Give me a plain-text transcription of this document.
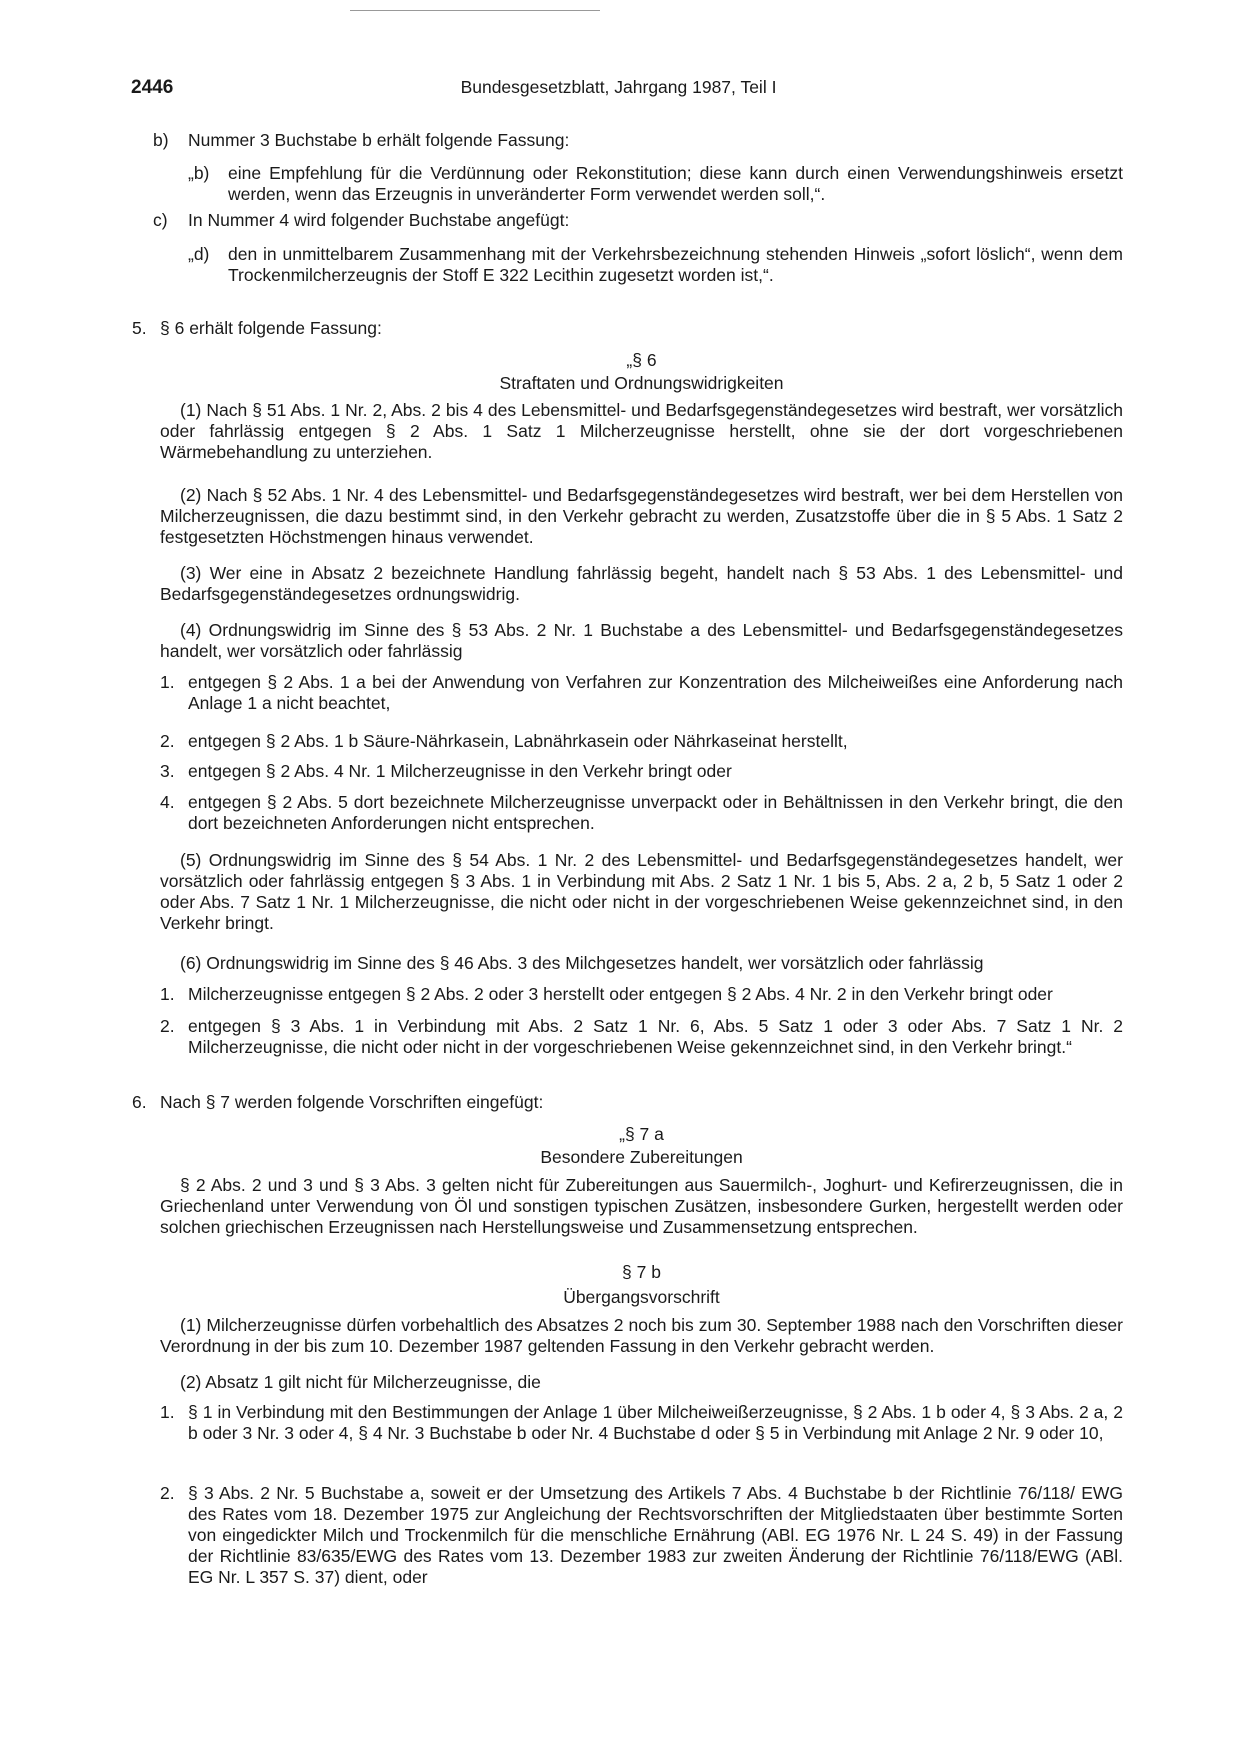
2446	Bundesgesetzblatt, Jahrgang 1987, Teil I
b) Nummer 3 Buchstabe b erhält folgende Fassung:

„b) eine Empfehlung für die Verdünnung oder Rekonstitution; diese kann durch einen Verwendungshinweis ersetzt werden, wenn das Erzeugnis in unveränderter Form verwendet werden soll,“.

c) In Nummer 4 wird folgender Buchstabe angefügt:

„d) den in unmittelbarem Zusammenhang mit der Verkehrsbezeichnung stehenden Hinweis „sofort löslich“, wenn dem Trockenmilcherzeugnis der Stoff E 322 Lecithin zugesetzt worden ist,“.

5. § 6 erhält folgende Fassung:

„§ 6

Straftaten und Ordnungswidrigkeiten

(1) Nach § 51 Abs. 1 Nr. 2, Abs. 2 bis 4 des Lebensmittel- und Bedarfsgegenständegesetzes wird bestraft, wer vorsätzlich oder fahrlässig entgegen § 2 Abs. 1 Satz 1 Milcherzeugnisse herstellt, ohne sie der dort vorgeschriebenen Wärmebehandlung zu unterziehen.

(2) Nach § 52 Abs. 1 Nr. 4 des Lebensmittel- und Bedarfsgegenständegesetzes wird bestraft, wer bei dem Herstellen von Milcherzeugnissen, die dazu bestimmt sind, in den Verkehr gebracht zu werden, Zusatzstoffe über die in § 5 Abs. 1 Satz 2 festgesetzten Höchstmengen hinaus verwendet.

(3) Wer eine in Absatz 2 bezeichnete Handlung fahrlässig begeht, handelt nach § 53 Abs. 1 des Lebensmittel- und Bedarfsgegenständegesetzes ordnungswidrig.

(4) Ordnungswidrig im Sinne des § 53 Abs. 2 Nr. 1 Buchstabe a des Lebensmittel- und Bedarfsgegenständegesetzes handelt, wer vorsätzlich oder fahrlässig

1. entgegen § 2 Abs. 1 a bei der Anwendung von Verfahren zur Konzentration des Milcheiweißes eine Anforderung nach Anlage 1 a nicht beachtet,

2. entgegen § 2 Abs. 1 b Säure-Nährkasein, Labnährkasein oder Nährkaseinat herstellt,

3. entgegen § 2 Abs. 4 Nr. 1 Milcherzeugnisse in den Verkehr bringt oder

4. entgegen § 2 Abs. 5 dort bezeichnete Milcherzeugnisse unverpackt oder in Behältnissen in den Verkehr bringt, die den dort bezeichneten Anforderungen nicht entsprechen.

(5) Ordnungswidrig im Sinne des § 54 Abs. 1 Nr. 2 des Lebensmittel- und Bedarfsgegenständegesetzes handelt, wer vorsätzlich oder fahrlässig entgegen § 3 Abs. 1 in Verbindung mit Abs. 2 Satz 1 Nr. 1 bis 5, Abs. 2 a, 2 b, 5 Satz 1 oder 2 oder Abs. 7 Satz 1 Nr. 1 Milcherzeugnisse, die nicht oder nicht in der vorgeschriebenen Weise gekennzeichnet sind, in den Verkehr bringt.

(6) Ordnungswidrig im Sinne des § 46 Abs. 3 des Milchgesetzes handelt, wer vorsätzlich oder fahrlässig

1. Milcherzeugnisse entgegen § 2 Abs. 2 oder 3 herstellt oder entgegen § 2 Abs. 4 Nr. 2 in den Verkehr bringt oder

2. entgegen § 3 Abs. 1 in Verbindung mit Abs. 2 Satz 1 Nr. 6, Abs. 5 Satz 1 oder 3 oder Abs. 7 Satz 1 Nr. 2 Milcherzeugnisse, die nicht oder nicht in der vorgeschriebenen Weise gekennzeichnet sind, in den Verkehr bringt.“

6. Nach § 7 werden folgende Vorschriften eingefügt:

„§ 7 a

Besondere Zubereitungen

§ 2 Abs. 2 und 3 und § 3 Abs. 3 gelten nicht für Zubereitungen aus Sauermilch-, Joghurt- und Kefirerzeugnissen, die in Griechenland unter Verwendung von Öl und sonstigen typischen Zusätzen, insbesondere Gurken, hergestellt werden oder solchen griechischen Erzeugnissen nach Herstellungsweise und Zusammensetzung entsprechen.

§ 7 b

Übergangsvorschrift

(1) Milcherzeugnisse dürfen vorbehaltlich des Absatzes 2 noch bis zum 30. September 1988 nach den Vorschriften dieser Verordnung in der bis zum 10. Dezember 1987 geltenden Fassung in den Verkehr gebracht werden.

(2) Absatz 1 gilt nicht für Milcherzeugnisse, die

1. § 1 in Verbindung mit den Bestimmungen der Anlage 1 über Milcheiweißerzeugnisse, § 2 Abs. 1 b oder 4, § 3 Abs. 2 a, 2 b oder 3 Nr. 3 oder 4, § 4 Nr. 3 Buchstabe b oder Nr. 4 Buchstabe d oder § 5 in Verbindung mit Anlage 2 Nr. 9 oder 10,

2. § 3 Abs. 2 Nr. 5 Buchstabe a, soweit er der Umsetzung des Artikels 7 Abs. 4 Buchstabe b der Richtlinie 76/118/ EWG des Rates vom 18. Dezember 1975 zur Angleichung der Rechtsvorschriften der Mitgliedstaaten über bestimmte Sorten von eingedickter Milch und Trockenmilch für die menschliche Ernährung (ABl. EG 1976 Nr. L 24 S. 49) in der Fassung der Richtlinie 83/635/EWG des Rates vom 13. Dezember 1983 zur zweiten Änderung der Richtlinie 76/118/EWG (ABl. EG Nr. L 357 S. 37) dient, oder
